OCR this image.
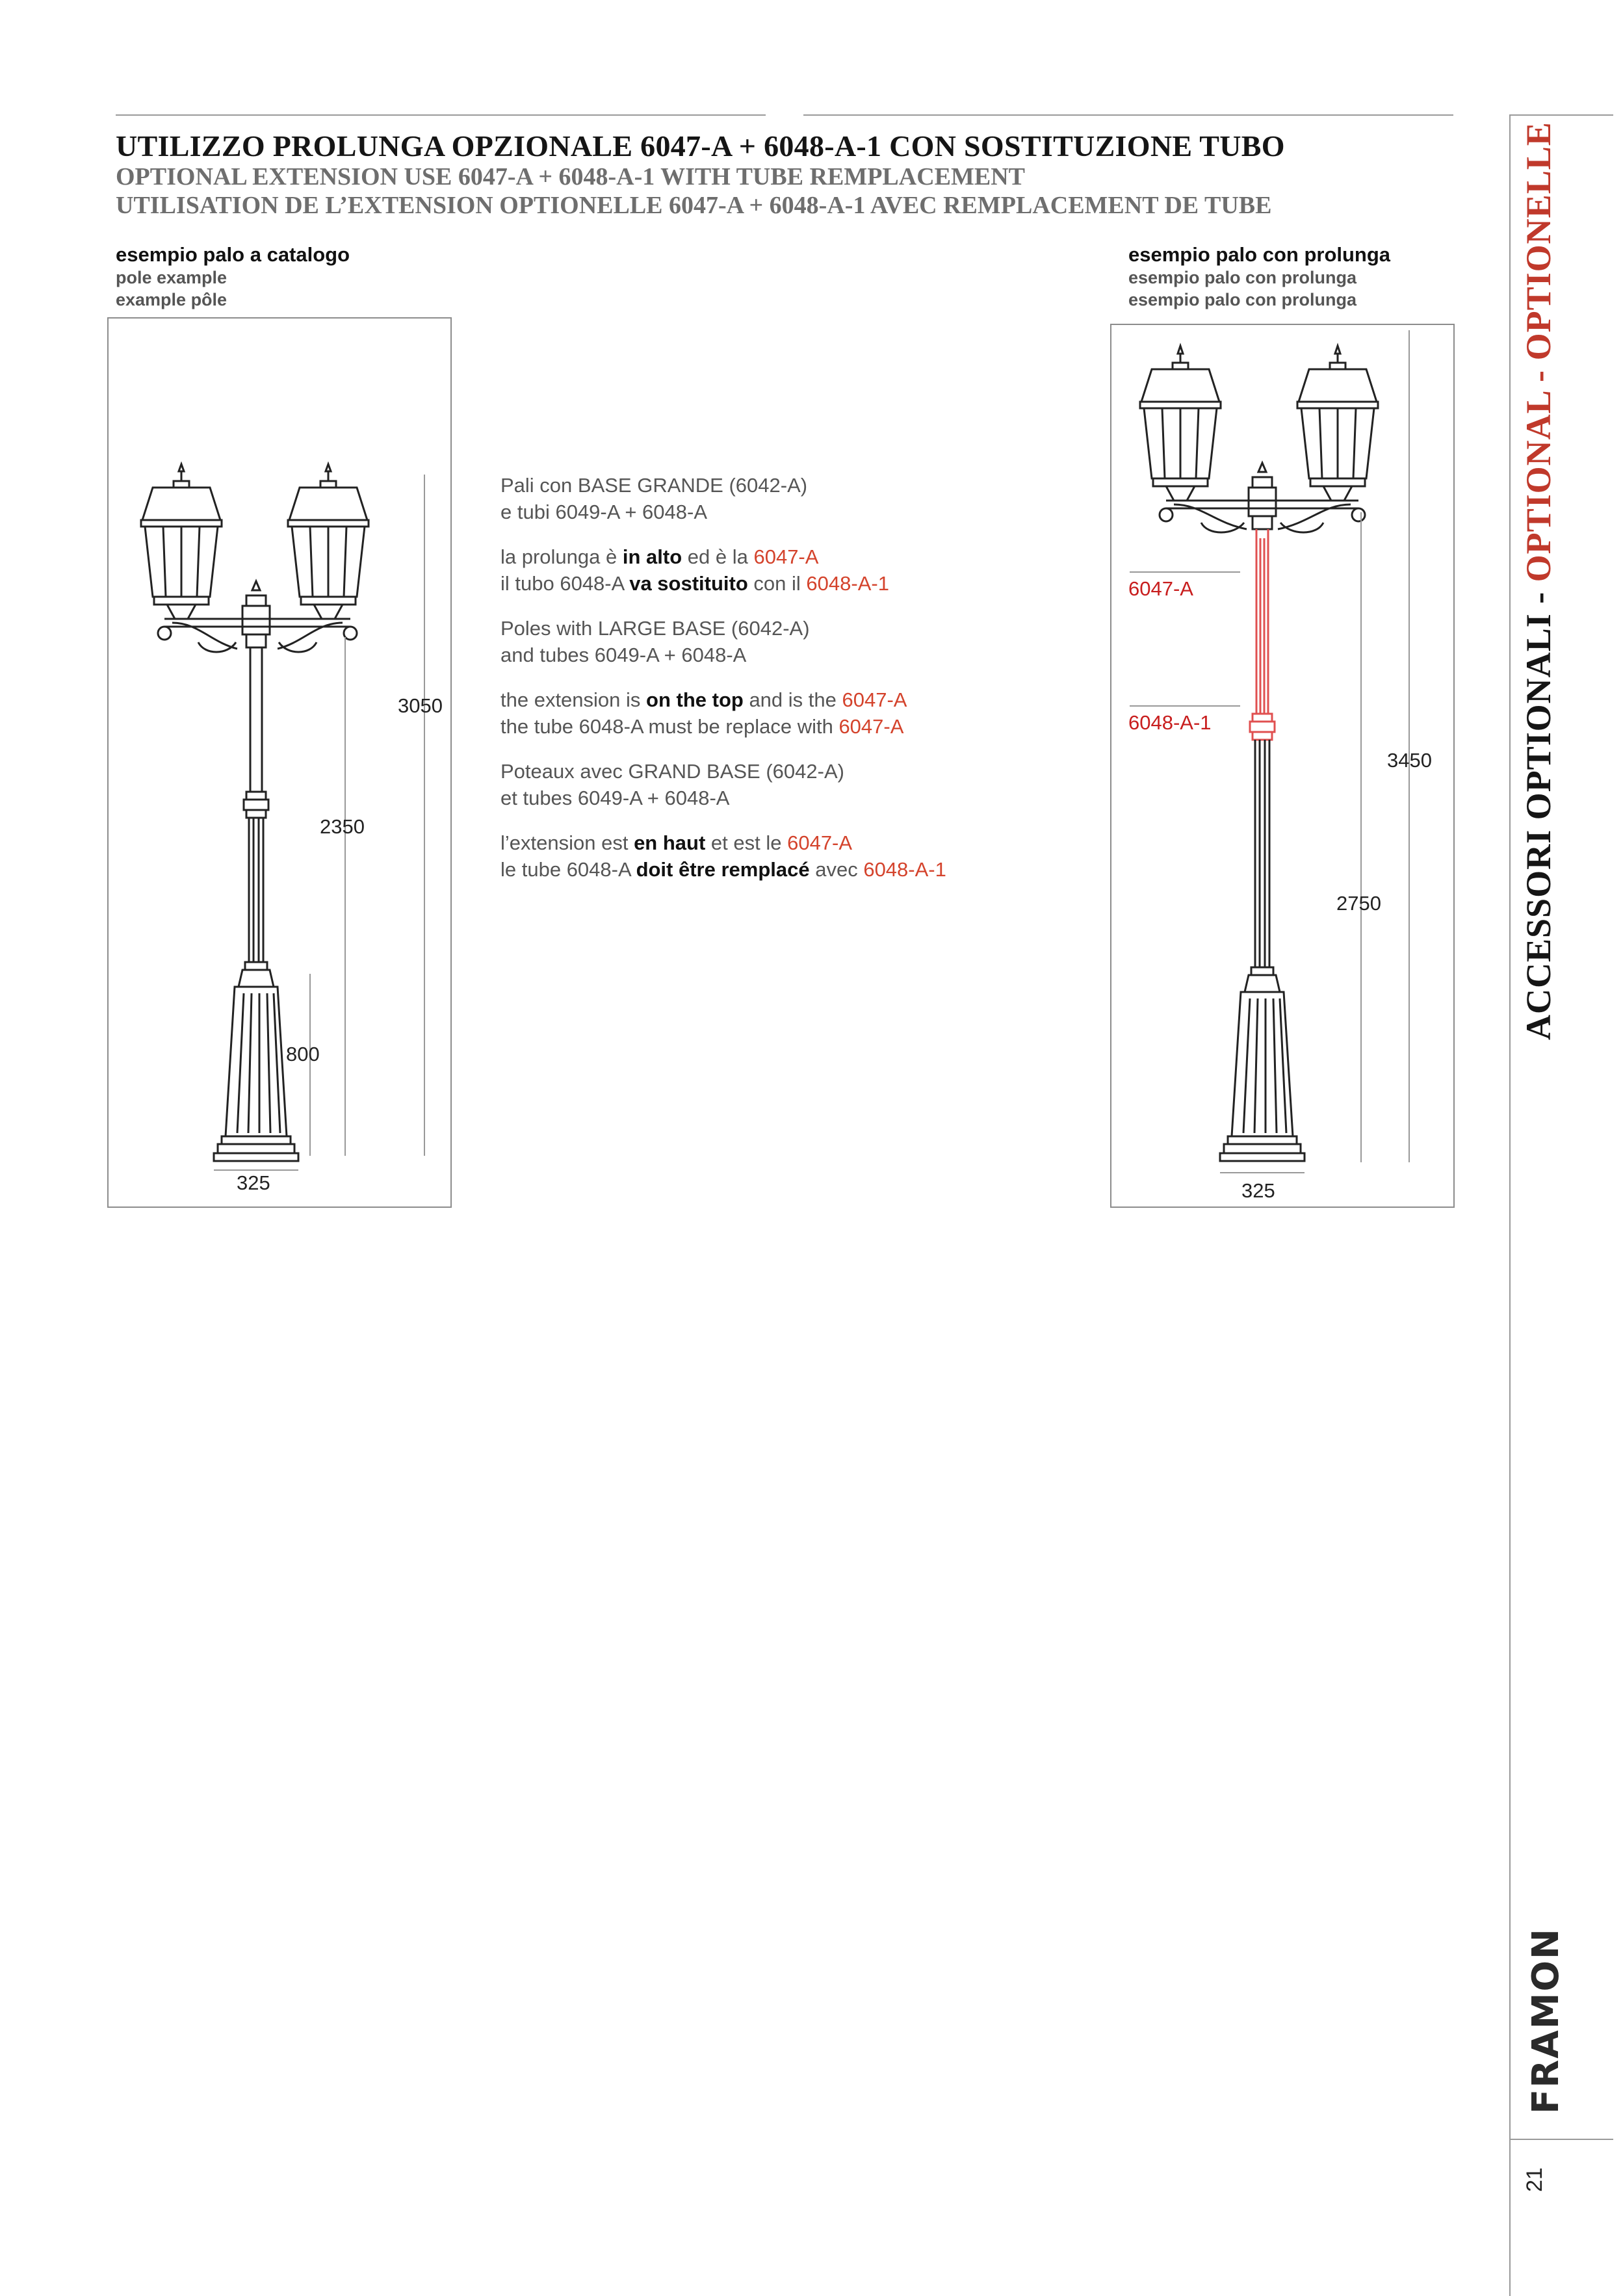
UTILIZZO PROLUNGA OPZIONALE 6047-A + 6048-A-1 CON SOSTITUZIONE TUBO
OPTIONAL EXTENSION USE 6047-A + 6048-A-1 WITH TUBE REMPLACEMENT
UTILISATION DE L’EXTENSION OPTIONELLE 6047-A + 6048-A-1 AVEC REMPLACEMENT DE TUBE
esempio palo a catalogo
pole example
example pôle
esempio palo con prolunga
esempio palo con prolunga
esempio palo con prolunga
3050
2350
800
325
6047-A
6048-A-1
3450
2750
325

Pali con BASE GRANDE (6042-A)

e tubi 6049-A + 6048-A

la prolunga è in alto ed è la 6047-A

il tubo 6048-A va sostituito con il 6048-A-1

Poles with LARGE BASE (6042-A)

and tubes 6049-A + 6048-A

the extension is on the top and is the 6047-A

the tube 6048-A must be replace with 6047-A

Poteaux avec GRAND BASE (6042-A)

et tubes 6049-A + 6048-A

l’extension est en haut et est le 6047-A

le tube 6048-A doit être remplacé avec 6048-A-1	ACCESSORI OPTIONALI - OPTIONAL - OPTIONELLE
FRAMON
21
